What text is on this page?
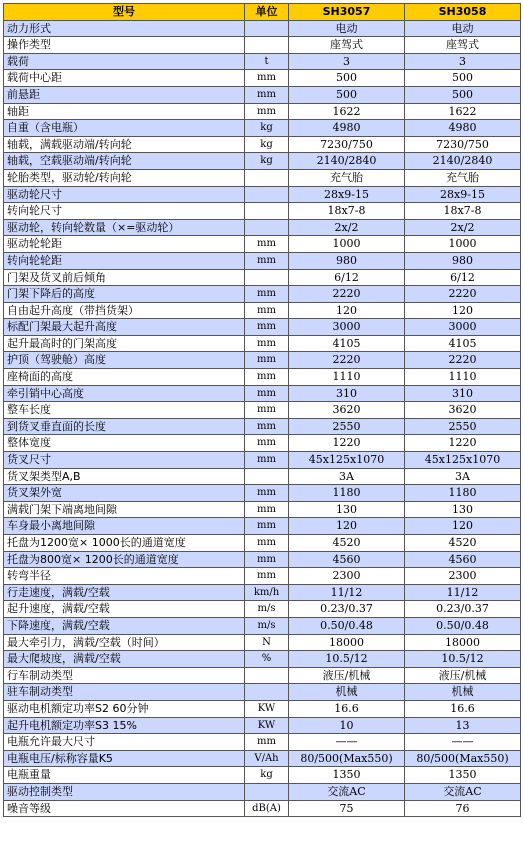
型号	单位	SH3057	SH3058
动力形式		电动	电动
操作类型		座驾式	座驾式
载荷	t	3	3
载荷中心距	mm	500	500
前悬距	mm	500	500
轴距	mm	1622	1622
自重（含电瓶）	kg	4980	4980
轴载，满载驱动端/转向轮	kg	7230/750	7230/750
轴载，空载驱动端/转向轮	kg	2140/2840	2140/2840
轮胎类型，驱动轮/转向轮		充气胎	充气胎
驱动轮尺寸		28x9-15	28x9-15
转向轮尺寸		18x7-8	18x7-8
驱动轮，转向轮数量（×=驱动轮）		2x/2	2x/2
驱动轮轮距	mm	1000	1000
转向轮轮距	mm	980	980
门架及货叉前后倾角		6/12	6/12
门架下降后的高度	mm	2220	2220
自由起升高度（带挡货架）	mm	120	120
标配门架最大起升高度	mm	3000	3000
起升最高时的门架高度	mm	4105	4105
护顶（驾驶舱）高度	mm	2220	2220
座椅面的高度	mm	1110	1110
牵引销中心高度	mm	310	310
整车长度	mm	3620	3620
到货叉垂直面的长度	mm	2550	2550
整体宽度	mm	1220	1220
货叉尺寸	mm	45x125x1070	45x125x1070
货叉架类型A,B		3A	3A
货叉架外宽	mm	1180	1180
满载门架下端离地间隙	mm	130	130
车身最小离地间隙	mm	120	120
托盘为1200宽× 1000长的通道宽度	mm	4520	4520
托盘为800宽× 1200长的通道宽度	mm	4560	4560
转弯半径	mm	2300	2300
行走速度，满载/空载	km/h	11/12	11/12
起升速度，满载/空载	m/s	0.23/0.37	0.23/0.37
下降速度，满载/空载	m/s	0.50/0.48	0.50/0.48
最大牵引力，满载/空载（时间）	N	18000	18000
最大爬坡度，满载/空载	%	10.5/12	10.5/12
行车制动类型		液压/机械	液压/机械
驻车制动类型		机械	机械
驱动电机额定功率S2 60分钟	KW	16.6	16.6
起升电机额定功率S3 15%	KW	10	13
电瓶允许最大尺寸	mm	——	——
电瓶电压/标称容量K5	V/Ah	80/500(Max550)	80/500(Max550)
电瓶重量	kg	1350	1350
驱动控制类型		交流AC	交流AC
噪音等级	dB(A)	75	76
